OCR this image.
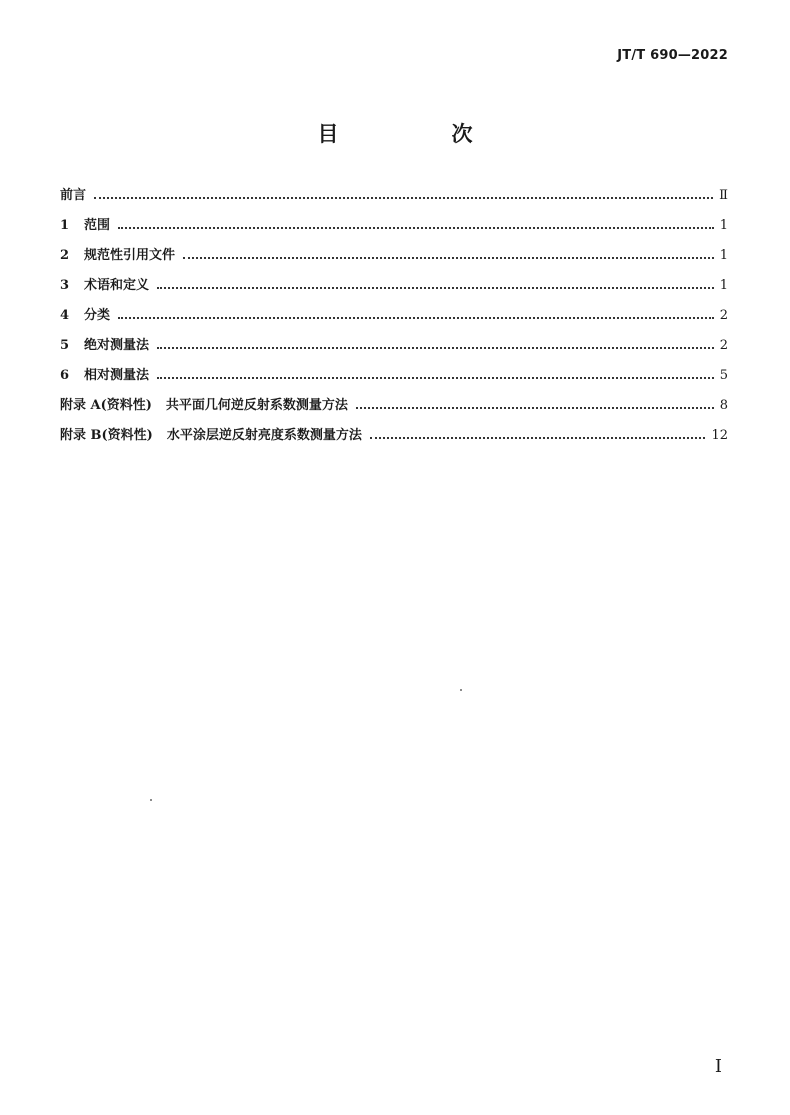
JT/T 690—2022
目　次
前言	Ⅱ
1	范围	1
2	规范性引用文件	1
3	术语和定义	1
4	分类	2
5	绝对测量法	2
6	相对测量法	5
附录 A(资料性) 共平面几何逆反射系数测量方法	8
附录 B(资料性) 水平涂层逆反射亮度系数测量方法	12
I
